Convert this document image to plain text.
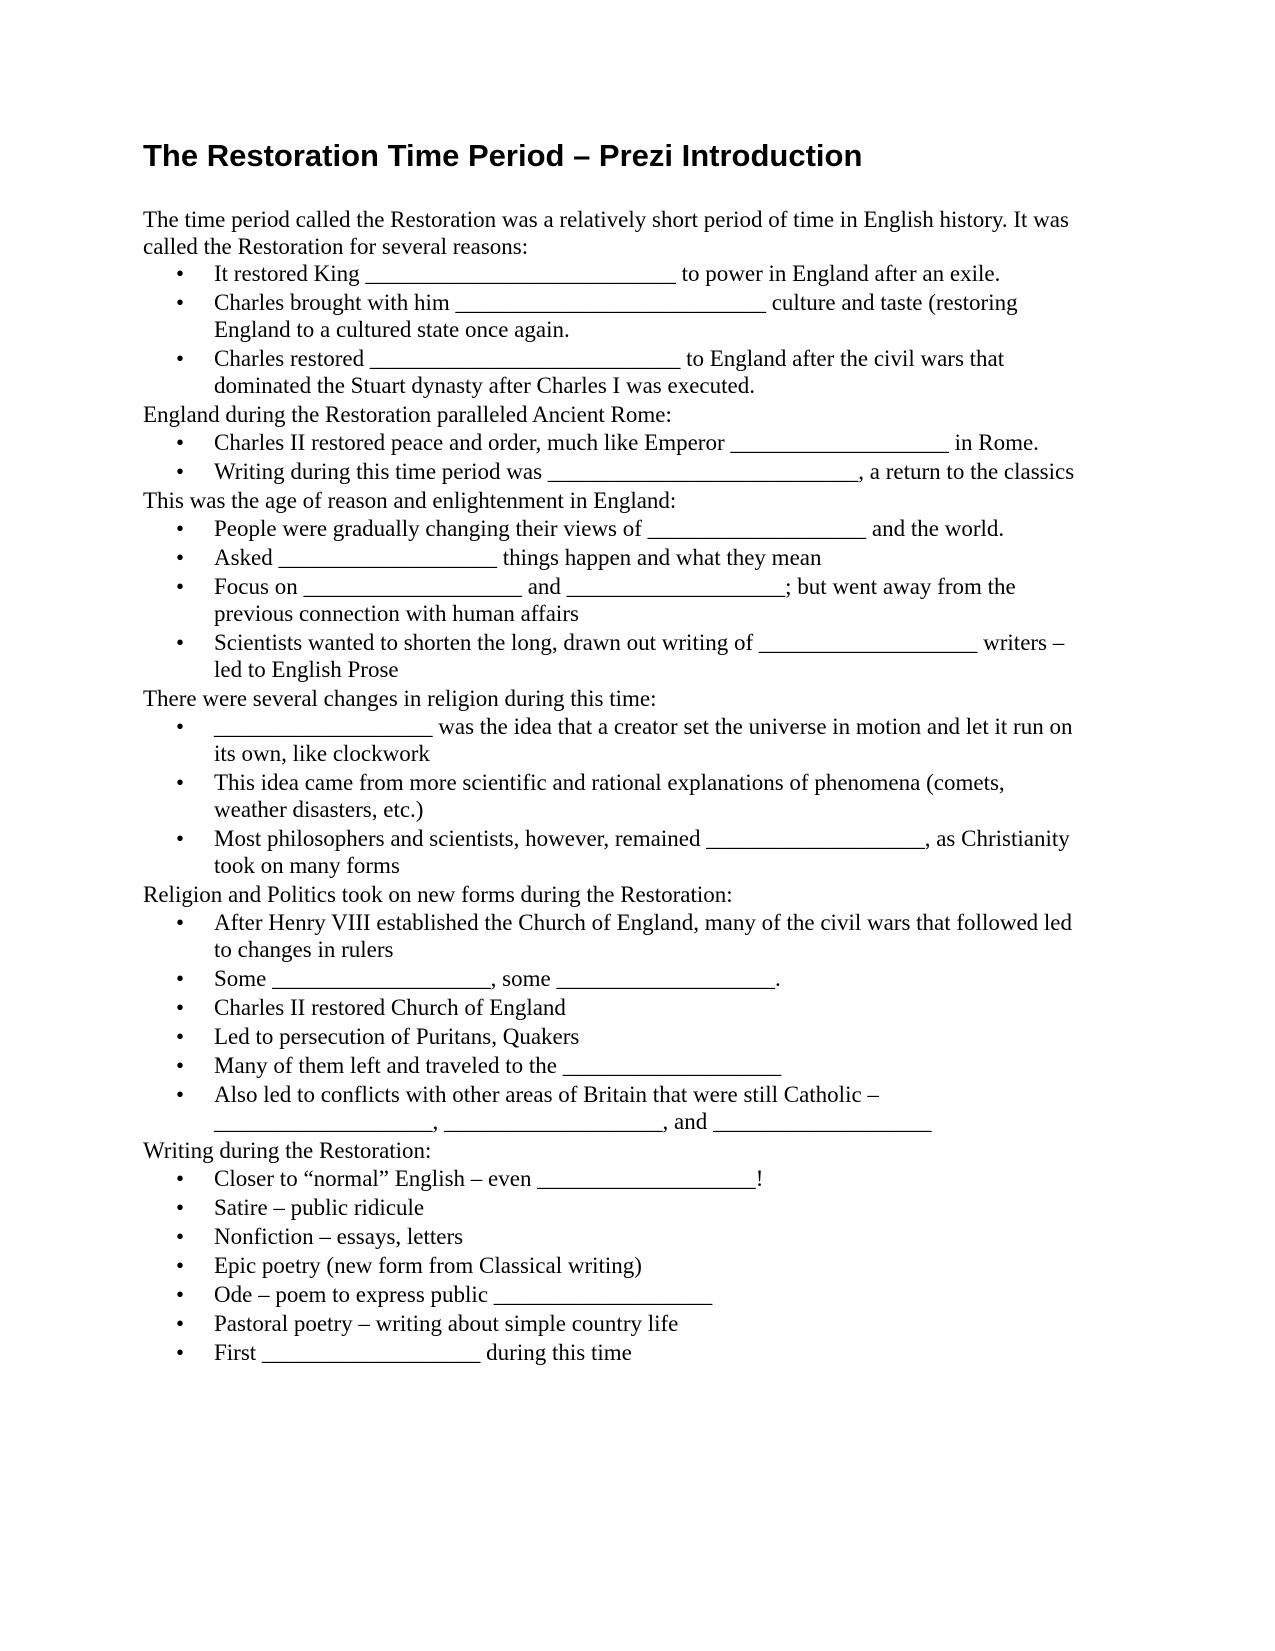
The Restoration Time Period – Prezi Introduction

The time period called the Restoration was a relatively short period of time in English history. It was called the Restoration for several reasons:

• It restored King ___________________________ to power in England after an exile.
• Charles brought with him ___________________________ culture and taste (restoring England to a cultured state once again.
• Charles restored ___________________________ to England after the civil wars that dominated the Stuart dynasty after Charles I was executed.

England during the Restoration paralleled Ancient Rome:

• Charles II restored peace and order, much like Emperor ___________________ in Rome.
• Writing during this time period was ___________________________, a return to the classics

This was the age of reason and enlightenment in England:

• People were gradually changing their views of ___________________ and the world.
• Asked ___________________ things happen and what they mean
• Focus on ___________________ and ___________________; but went away from the previous connection with human affairs
• Scientists wanted to shorten the long, drawn out writing of ___________________ writers – led to English Prose

There were several changes in religion during this time:

• ___________________ was the idea that a creator set the universe in motion and let it run on its own, like clockwork
• This idea came from more scientific and rational explanations of phenomena (comets, weather disasters, etc.)
• Most philosophers and scientists, however, remained ___________________, as Christianity took on many forms

Religion and Politics took on new forms during the Restoration:

• After Henry VIII established the Church of England, many of the civil wars that followed led to changes in rulers
• Some ___________________, some ___________________.
• Charles II restored Church of England
• Led to persecution of Puritans, Quakers
• Many of them left and traveled to the ___________________
• Also led to conflicts with other areas of Britain that were still Catholic – ___________________, ___________________, and ___________________

Writing during the Restoration:

• Closer to “normal” English – even ___________________!
• Satire – public ridicule
• Nonfiction – essays, letters
• Epic poetry (new form from Classical writing)
• Ode – poem to express public ___________________
• Pastoral poetry – writing about simple country life
• First ___________________ during this time
